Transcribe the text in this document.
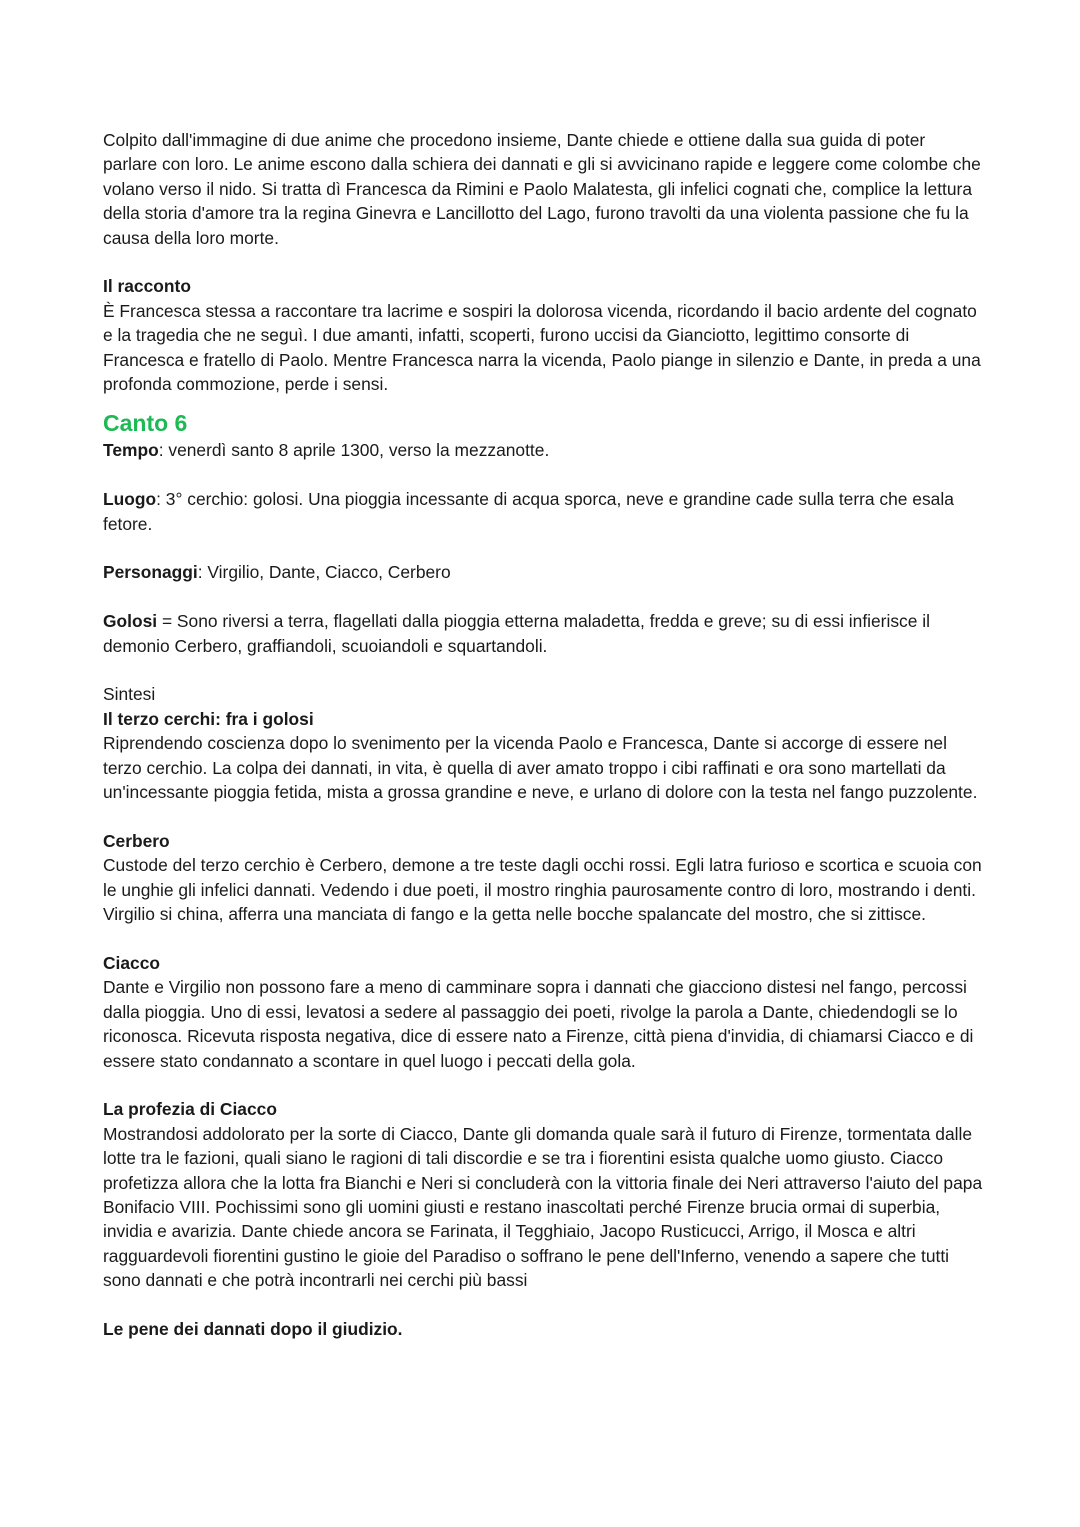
Colpito dall'immagine di due anime che procedono insieme, Dante chiede e ottiene dalla sua guida di poter parlare con loro. Le anime escono dalla schiera dei dannati e gli si avvicinano rapide e leggere come colombe che volano verso il nido. Si tratta dì Francesca da Rimini e Paolo Malatesta, gli infelici cognati che, complice la lettura della storia d'amore tra la regina Ginevra e Lancillotto del Lago, furono travolti da una violenta passione che fu la causa della loro morte.

Il racconto

È Francesca stessa a raccontare tra lacrime e sospiri la dolorosa vicenda, ricordando il bacio ardente del cognato e la tragedia che ne seguì. I due amanti, infatti, scoperti, furono uccisi da Gianciotto, legittimo consorte di Francesca e fratello di Paolo. Mentre Francesca narra la vicenda, Paolo piange in silenzio e Dante, in preda a una profonda commozione, perde i sensi.

Canto 6

Tempo: venerdì santo 8 aprile 1300, verso la mezzanotte.

Luogo: 3° cerchio: golosi. Una pioggia incessante di acqua sporca, neve e grandine cade sulla terra che esala fetore.

Personaggi: Virgilio, Dante, Ciacco, Cerbero

Golosi = Sono riversi a terra, flagellati dalla pioggia etterna maladetta, fredda e greve; su di essi infierisce il demonio Cerbero, graffiandoli, scuoiandoli e squartandoli.

Sintesi

Il terzo cerchi: fra i golosi

Riprendendo coscienza dopo lo svenimento per la vicenda Paolo e Francesca, Dante si accorge di essere nel terzo cerchio. La colpa dei dannati, in vita, è quella di aver amato troppo i cibi raffinati e ora sono martellati da un'incessante pioggia fetida, mista a grossa grandine e neve, e urlano di dolore con la testa nel fango puzzolente.

Cerbero

Custode del terzo cerchio è Cerbero, demone a tre teste dagli occhi rossi. Egli latra furioso e scortica e scuoia con le unghie gli infelici dannati. Vedendo i due poeti, il mostro ringhia paurosamente contro di loro, mostrando i denti. Virgilio si china, afferra una manciata di fango e la getta nelle bocche spalancate del mostro, che si zittisce.

Ciacco

Dante e Virgilio non possono fare a meno di camminare sopra i dannati che giacciono distesi nel fango, percossi dalla pioggia. Uno di essi, levatosi a sedere al passaggio dei poeti, rivolge la parola a Dante, chiedendogli se lo riconosca. Ricevuta risposta negativa, dice di essere nato a Firenze, città piena d'invidia, di chiamarsi Ciacco e di essere stato condannato a scontare in quel luogo i peccati della gola.

La profezia di Ciacco

Mostrandosi addolorato per la sorte di Ciacco, Dante gli domanda quale sarà il futuro di Firenze, tormentata dalle lotte tra le fazioni, quali siano le ragioni di tali discordie e se tra i fiorentini esista qualche uomo giusto. Ciacco profetizza allora che la lotta fra Bianchi e Neri si concluderà con la vittoria finale dei Neri attraverso l'aiuto del papa Bonifacio VIII. Pochissimi sono gli uomini giusti e restano inascoltati perché Firenze brucia ormai di superbia, invidia e avarizia. Dante chiede ancora se Farinata, il Tegghiaio, Jacopo Rusticucci, Arrigo, il Mosca e altri ragguardevoli fiorentini gustino le gioie del Paradiso o soffrano le pene dell'Inferno, venendo a sapere che tutti sono dannati e che potrà incontrarli nei cerchi più bassi

Le pene dei dannati dopo il giudizio.
